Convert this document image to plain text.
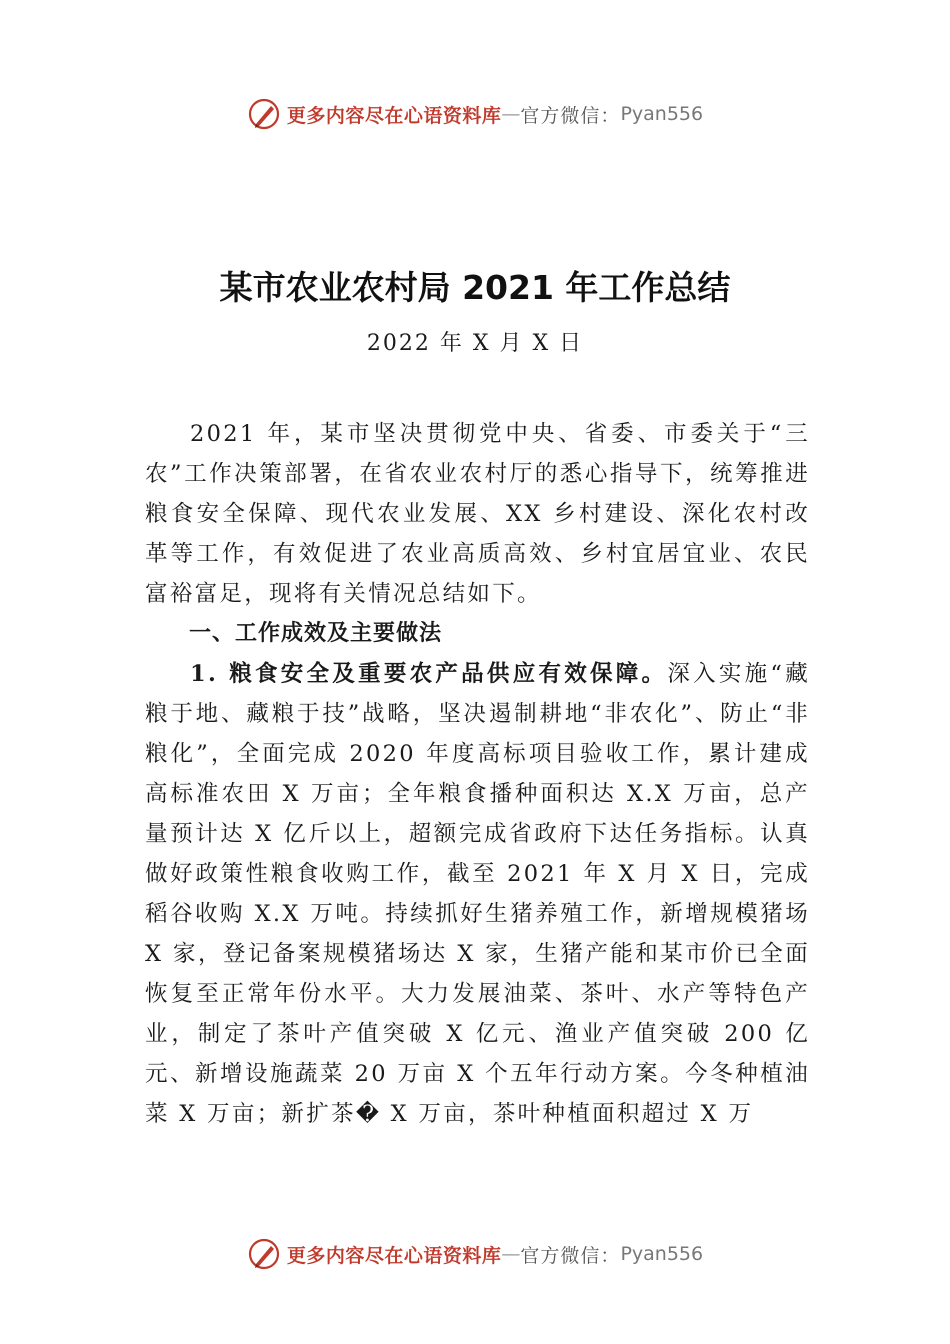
更多内容尽在心语资料库 — 官方微信： Pyan556
某市农业农村局 2021 年工作总结
2022 年 X 月 X 日

2021 年，某市坚决贯彻党中央、省委、市委关于“三农”工作决策部署，在省农业农村厅的悉心指导下，统筹推进粮食安全保障、现代农业发展、XX 乡村建设、深化农村改革等工作，有效促进了农业高质高效、乡村宜居宜业、农民富裕富足，现将有关情况总结如下。

一、工作成效及主要做法

1. 粮食安全及重要农产品供应有效保障。深入实施“藏粮于地、藏粮于技”战略，坚决遏制耕地“非农化”、防止“非粮化”，全面完成 2020 年度高标项目验收工作，累计建成高标准农田 X 万亩；全年粮食播种面积达 X.X 万亩，总产量预计达 X 亿斤以上，超额完成省政府下达任务指标。认真做好政策性粮食收购工作，截至 2021 年 X 月 X 日，完成稻谷收购 X.X 万吨。持续抓好生猪养殖工作，新增规模猪场 X 家，登记备案规模猪场达 X 家，生猪产能和某市价已全面恢复至正常年份水平。大力发展油菜、茶叶、水产等特色产业，制定了茶叶产值突破 X 亿元、渔业产值突破 200 亿元、新增设施蔬菜 20 万亩 X 个五年行动方案。今冬种植油菜 X 万亩；新扩茶� X 万亩，茶叶种植面积超过 X 万

更多内容尽在心语资料库 — 官方微信： Pyan556
